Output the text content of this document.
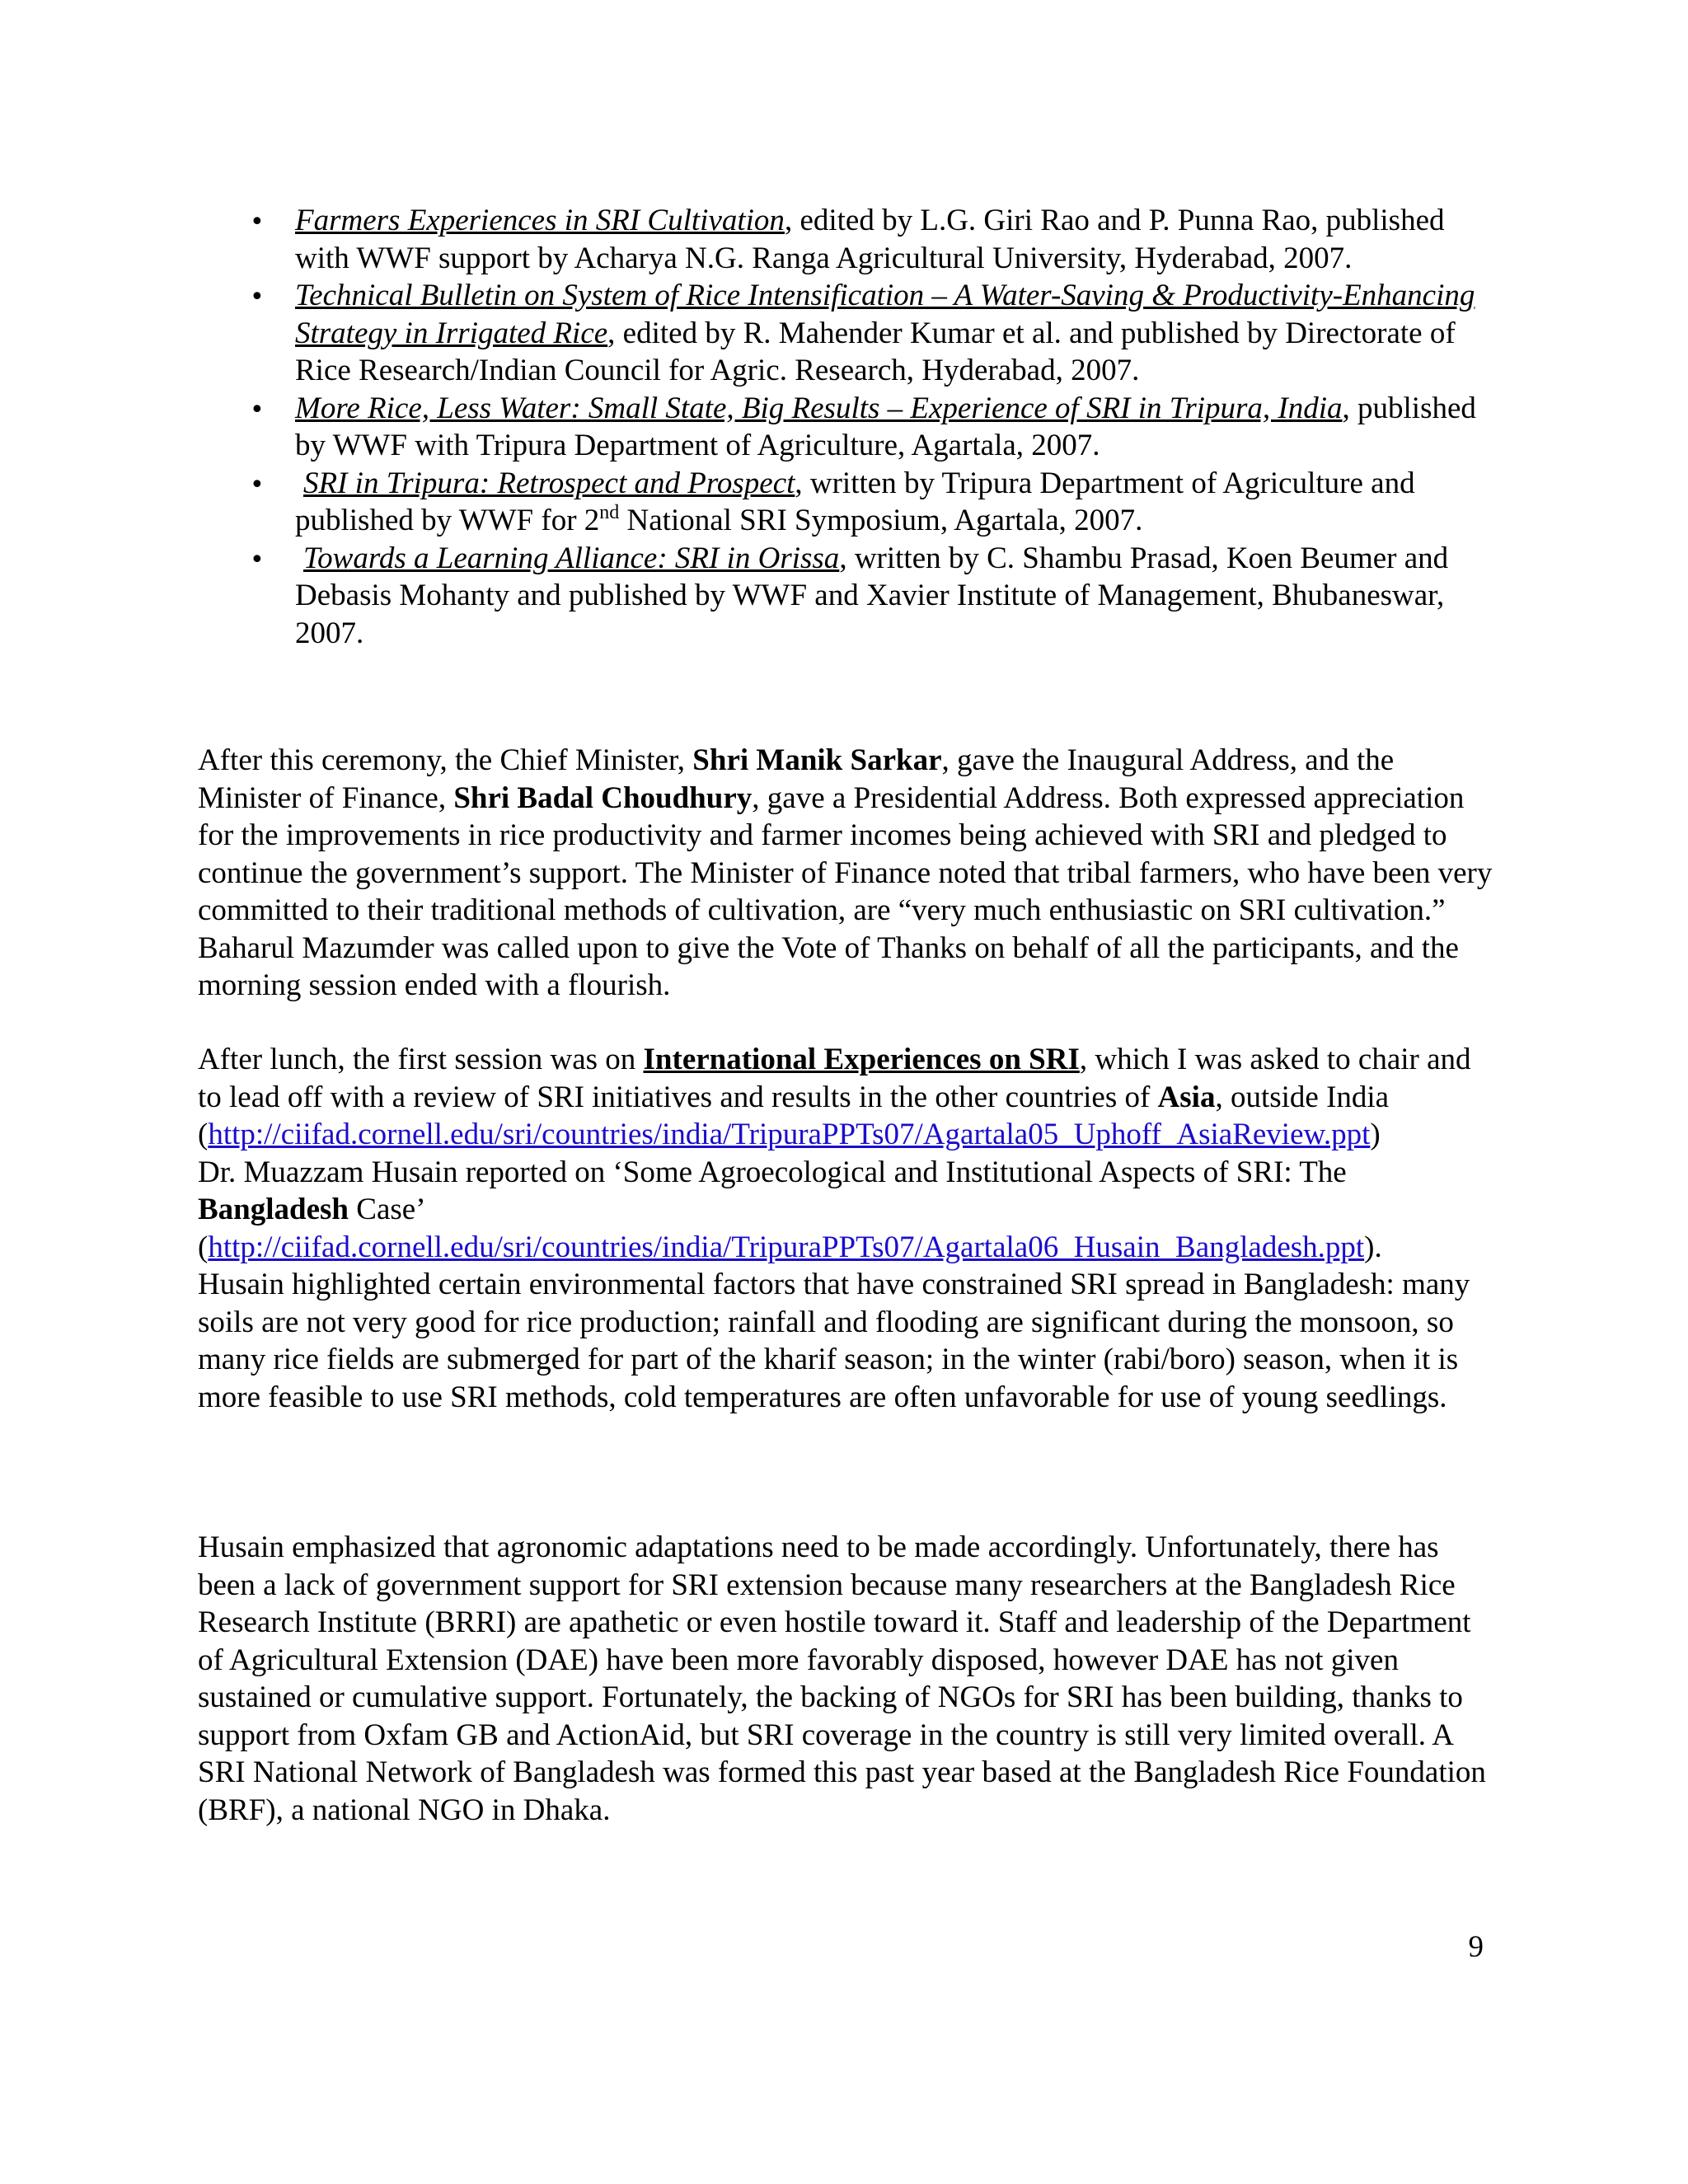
•
Farmers Experiences in SRI Cultivation, edited by L.G. Giri Rao and P. Punna Rao, published with WWF support by Acharya N.G. Ranga Agricultural University, Hyderabad, 2007.
•
Technical Bulletin on System of Rice Intensification – A Water-Saving & Productivity-Enhancing Strategy in Irrigated Rice, edited by R. Mahender Kumar et al. and published by Directorate of Rice Research/Indian Council for Agric. Research, Hyderabad, 2007.
•
More Rice, Less Water: Small State, Big Results – Experience of SRI in Tripura, India, published by WWF with Tripura Department of Agriculture, Agartala, 2007.
•
SRI in Tripura: Retrospect and Prospect, written by Tripura Department of Agriculture and published by WWF for 2nd National SRI Symposium, Agartala, 2007.
•
Towards a Learning Alliance: SRI in Orissa, written by C. Shambu Prasad, Koen Beumer and Debasis Mohanty and published by WWF and Xavier Institute of Management, Bhubaneswar, 2007.

After this ceremony, the Chief Minister, Shri Manik Sarkar, gave the Inaugural Address, and the Minister of Finance, Shri Badal Choudhury, gave a Presidential Address. Both expressed appreciation for the improvements in rice productivity and farmer incomes being achieved with SRI and pledged to continue the government’s support. The Minister of Finance noted that tribal farmers, who have been very committed to their traditional methods of cultivation, are “very much enthusiastic on SRI cultivation.” Baharul Mazumder was called upon to give the Vote of Thanks on behalf of all the participants, and the morning session ended with a flourish.

After lunch, the first session was on International Experiences on SRI, which I was asked to chair and to lead off with a review of SRI initiatives and results in the other countries of Asia, outside India
(http://ciifad.cornell.edu/sri/countries/india/TripuraPPTs07/Agartala05_Uphoff_AsiaReview.ppt)
Dr. Muazzam Husain reported on ‘Some Agroecological and Institutional Aspects of SRI: The Bangladesh Case’
(http://ciifad.cornell.edu/sri/countries/india/TripuraPPTs07/Agartala06_Husain_Bangladesh.ppt).
Husain highlighted certain environmental factors that have constrained SRI spread in Bangladesh: many soils are not very good for rice production; rainfall and flooding are significant during the monsoon, so many rice fields are submerged for part of the kharif season; in the winter (rabi/boro) season, when it is more feasible to use SRI methods, cold temperatures are often unfavorable for use of young seedlings.

Husain emphasized that agronomic adaptations need to be made accordingly. Unfortunately, there has been a lack of government support for SRI extension because many researchers at the Bangladesh Rice Research Institute (BRRI) are apathetic or even hostile toward it. Staff and leadership of the Department of Agricultural Extension (DAE) have been more favorably disposed, however DAE has not given sustained or cumulative support. Fortunately, the backing of NGOs for SRI has been building, thanks to support from Oxfam GB and ActionAid, but SRI coverage in the country is still very limited overall. A SRI National Network of Bangladesh was formed this past year based at the Bangladesh Rice Foundation (BRF), a national NGO in Dhaka.

9
